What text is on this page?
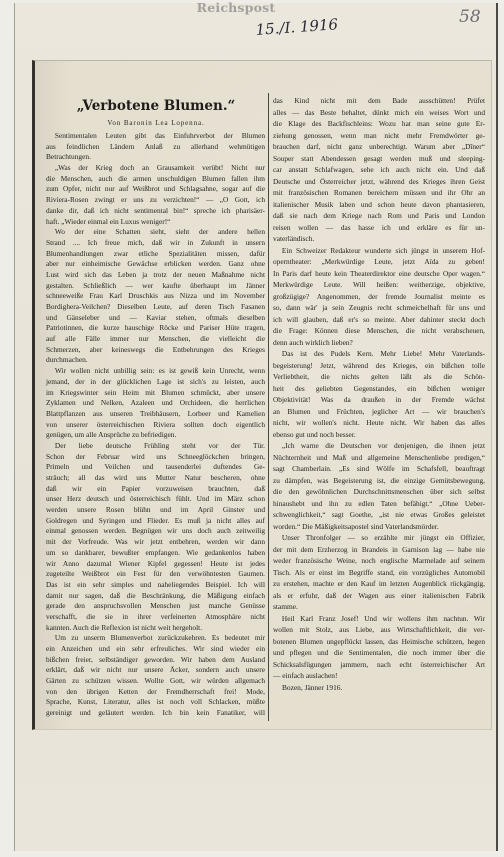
Reichspost
15./I. 1916	58
„Verbotene Blumen.“
Von Baronin Lea Lopenna.
Sentimentalen Leuten gibt das Einfuhrverbot der Blumen
aus feindlichen Ländern Anlaß zu allerhand wehmütigen
Betrachtungen.
„Was der Krieg doch an Grausamkeit verübt! Nicht nur
die Menschen, auch die armen unschuldigen Blumen fallen ihm
zum Opfer, nicht nur auf Weißbrot und Schlagsahne, sogar auf die
Riviera-Rosen zwingt er uns zu verzichten!“ — „O Gott, ich
danke dir, daß ich nicht sentimental bin!“ spreche ich pharisäer-
haft. „Wieder einmal ein Luxus weniger!“
Wo der eine Schatten sieht, sieht der andere hellen
Strand .... Ich freue mich, daß wir in Zukunft in unsern
Blumenhandlungen zwar etliche Spezialitäten missen, dafür
aber nur einheimische Gewächse erblicken werden. Ganz ohne
Lust wird sich das Leben ja trotz der neuen Maßnahme nicht
gestalten. Schließlich — wer kaufte überhaupt im Jänner
schneeweiße Frau Karl Druschkis aus Nizza und im November
Bordighera-Veilchen? Dieselben Leute, auf deren Tisch Fasanen
und Gänseleber und — Kaviar stehen, oftmals dieselben
Patriotinnen, die kurze bauschige Röcke und Pariser Hüte tragen,
auf alle Fälle immer nur Menschen, die vielleicht die
Schmerzen, aber keineswegs die Entbehrungen des Krieges
durchmachen.
Wir wollen nicht unbillig sein: es ist gewiß kein Unrecht, wenn
jemand, der in der glücklichen Lage ist sich's zu leisten, auch
im Kriegswinter sein Heim mit Blumen schmückt, aber unsere
Zyklamen und Nelken, Azaleen und Orchideen, die herrlichen
Blattpflanzen aus unseren Treibhäusern, Lorbeer und Kamelien
von unserer österreichischen Riviera sollten doch eigentlich
genügen, um alle Ansprüche zu befriedigen.
Der liebe deutsche Frühling steht vor der Tür.
Schon der Februar wird uns Schneeglöckchen bringen,
Primeln und Veilchen und tausenderlei duftendes Ge-
sträuch; all das wird uns Mutter Natur bescheren, ohne
daß wir ein Papier vorzuweisen brauchten, daß
unser Herz deutsch und österreichisch fühlt. Und im März schon
werden unsere Rosen blühn und im April Ginster und
Goldregen und Syringen und Flieder. Es muß ja nicht alles auf
einmal genossen werden. Begnügen wir uns doch auch zeitweilig
mit der Vorfreude. Was wir jetzt entbehren, werden wir dann
um so dankbarer, bewußter empfangen. Wie gedankenlos haben
wir Anno dazumal Wiener Kipfel gegessen! Heute ist jedes
zugeteilte Weißbrot ein Fest für den verwöhntesten Gaumen.
Das ist ein sehr simples und naheliegendes Beispiel. Ich will
damit nur sagen, daß die Beschränkung, die Mäßigung einfach
gerade den anspruchsvollen Menschen just manche Genüsse
verschafft, die sie in ihrer verfeinerten Atmosphäre nicht
kannten. Auch die Reflexion ist nicht weit hergeholt.
Um zu unserm Blumenverbot zurückzukehren. Es bedeutet mir
ein Anzeichen und ein sehr erfreuliches. Wir sind wieder ein
bißchen freier, selbständiger geworden. Wir haben dem Ausland
erklärt, daß wir nicht nur unsere Äcker, sondern auch unsere
Gärten zu schützen wissen. Wollte Gott, wir würden allgemach
von den übrigen Ketten der Fremdherrschaft frei! Mode,
Sprache, Kunst, Literatur, alles ist noch voll Schlacken, müßte
gereinigt und geläutert werden. Ich bin kein Fanatiker, will
das Kind nicht mit dem Bade ausschütten! Prüfet
alles — das Beste behaltet, dünkt mich ein weises Wort und
die Klage des Backfischleins: Wozu hat man seine gute Er-
ziehung genossen, wenn man nicht mehr Fremdwörter ge-
brauchen darf, nicht ganz unberechtigt. Warum aber „Dîner“
Souper statt Abendessen gesagt werden muß und sleeping-
car anstatt Schlafwagen, sehe ich auch nicht ein. Und daß
Deutsche und Österreicher jetzt, während des Krieges ihren Geist
mit französischen Romanen bereichern müssen und ihr Ohr an
italienischer Musik laben und schon heute davon phantasieren,
daß sie nach dem Kriege nach Rom und Paris und London
reisen wollen — das hasse ich und erkläre es für un-
vaterländisch.
Ein Schweizer Redakteur wunderte sich jüngst in unserem Hof-
operntheater: „Merkwürdige Leute, jetzt Aïda zu geben!
In Paris darf heute kein Theaterdirektor eine deutsche Oper wagen.“
Merkwürdige Leute. Will heißen: weitherzige, objektive,
großzügige? Angenommen, der fremde Journalist meinte es
so, dann wär' ja sein Zeugnis recht schmeichelhaft für uns und
ich will glauben, daß er's so meinte. Aber dahinter steckt doch
die Frage: Können diese Menschen, die nicht verabscheuen,
denn auch wirklich lieben?
Das ist des Pudels Kern. Mehr Liebe! Mehr Vaterlands-
begeisterung! Jetzt, während des Krieges, ein bißchen tolle
Verliebtheit, die nichts gelten läßt als die Schön-
heit des geliebten Gegenstandes, ein bißchen weniger
Objektivität! Was da draußen in der Fremde wächst
an Blumen und Früchten, jeglicher Art — wir brauchen's
nicht, wir wollen's nicht. Heute nicht. Wir haben das alles
ebenso gut und noch besser.
„Ich warne die Deutschen vor denjenigen, die ihnen jetzt
Nüchternheit und Maß und allgemeine Menschenliebe predigen,“
sagt Chamberlain. „Es sind Wölfe im Schafsfell, beauftragt
zu dämpfen, was Begeisterung ist, die einzige Gemütsbewegung,
die den gewöhnlichen Durchschnittsmenschen über sich selbst
hinaushebt und ihn zu edlen Taten befähigt.“ „Ohne Ueber-
schwenglichkeit,“ sagt Goethe, „ist nie etwas Großes geleistet
worden.“ Die Mäßigkeitsapostel sind Vaterlandsmörder.
Unser Thronfolger — so erzählte mir jüngst ein Offizier,
der mit dem Erzherzog in Brandeis in Garnison lag — habe nie
weder französische Weine, noch englische Marmelade auf seinem
Tisch. Als er einst im Begriffe stand, ein vorzügliches Automobil
zu erstehen, machte er den Kauf im letzten Augenblick rückgängig,
als er erfuhr, daß der Wagen aus einer italienischen Fabrik
stamme.
Heil Karl Franz Josef! Und wir wollens ihm nachtun. Wir
wollen mit Stolz, aus Liebe, aus Wirtschaftlichkeit, die ver-
botenen Blumen ungepflückt lassen, das Heimische schützen, hegen
und pflegen und die Sentimentalen, die noch immer über die
Schicksalsfügungen jammern, nach echt österreichischer Art
— einfach auslachen!
Bozen, Jänner 1916.
